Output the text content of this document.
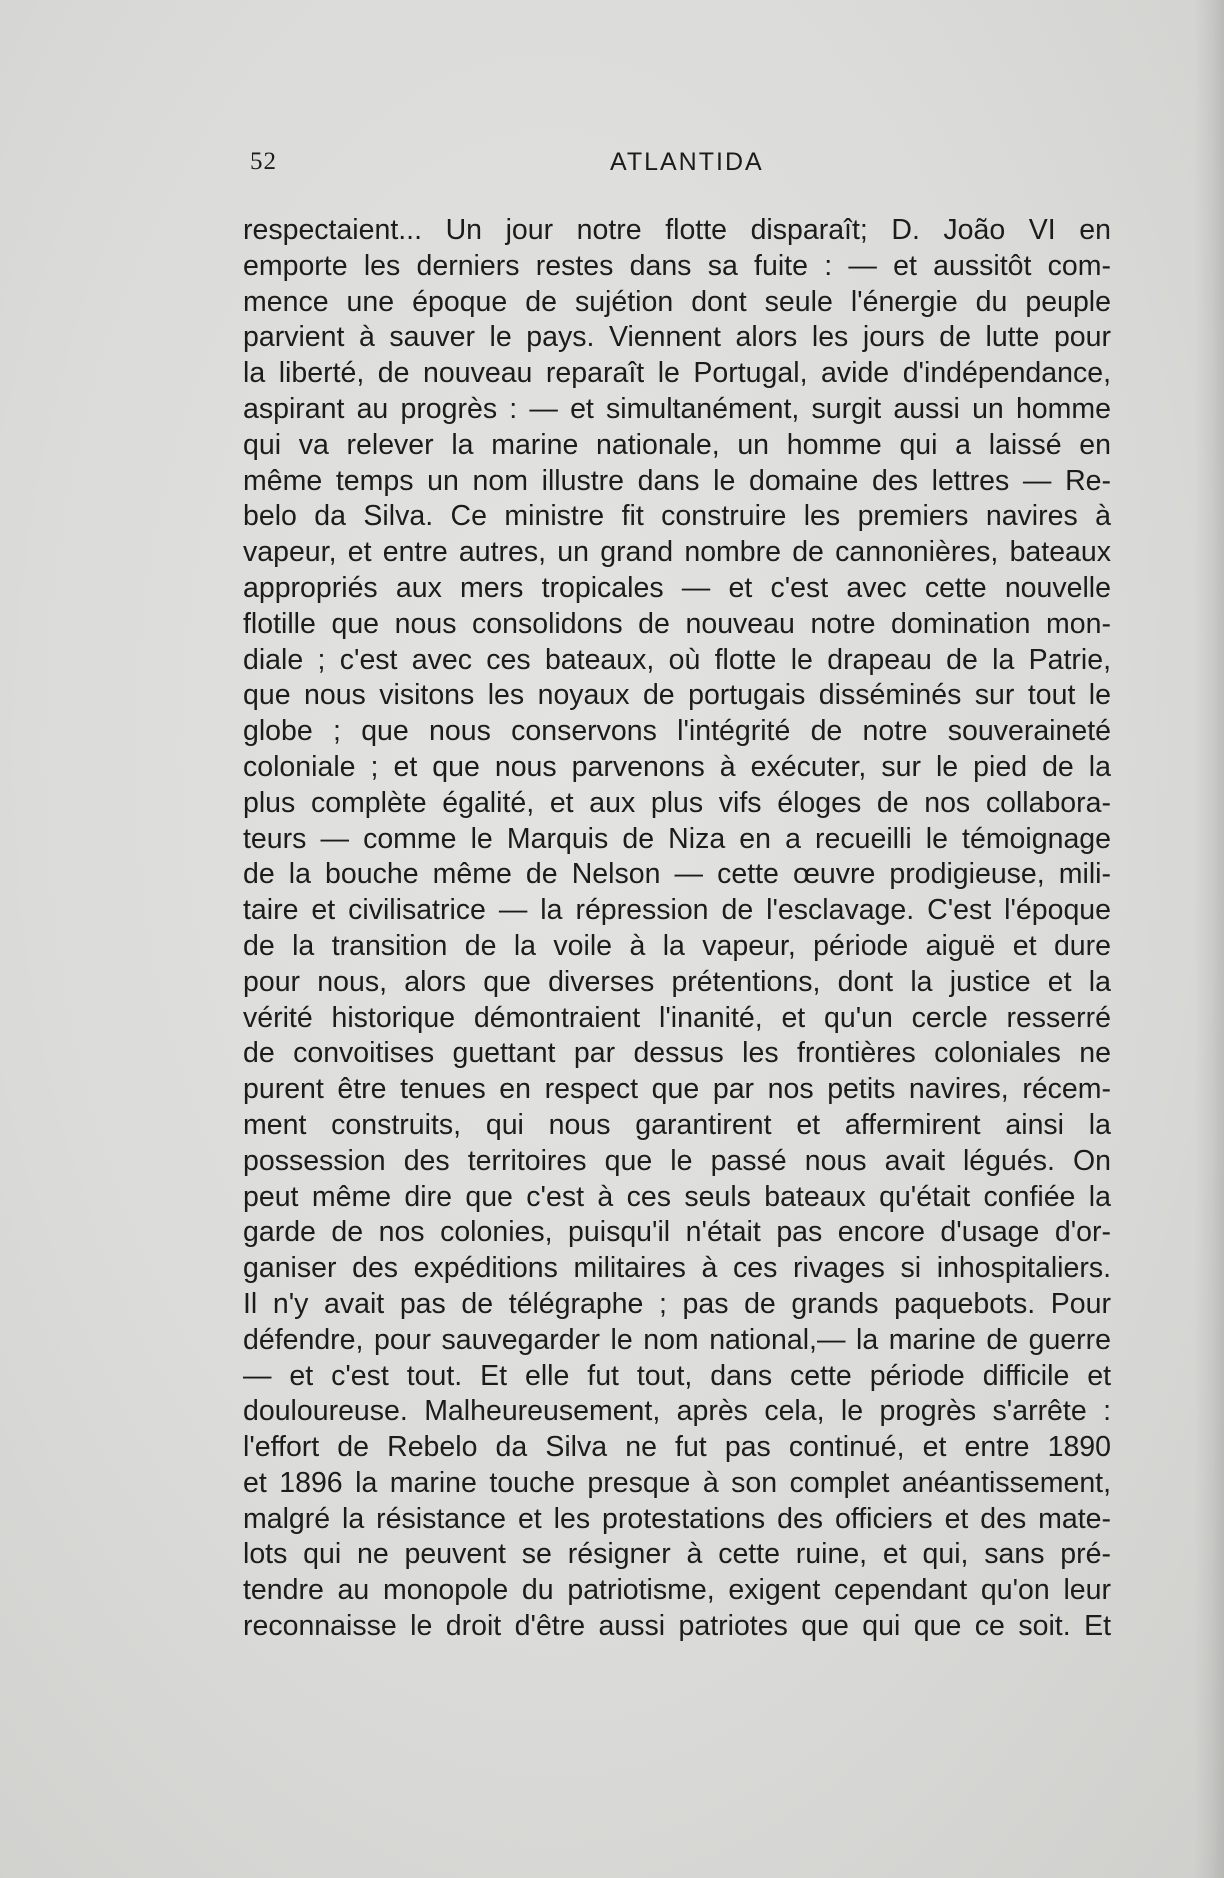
52	ATLANTIDA
respectaient... Un jour notre flotte disparaît; D. João VI en
emporte les derniers restes dans sa fuite : — et aussitôt com-
mence une époque de sujétion dont seule l'énergie du peuple
parvient à sauver le pays. Viennent alors les jours de lutte pour
la liberté, de nouveau reparaît le Portugal, avide d'indépendance,
aspirant au progrès : — et simultanément, surgit aussi un homme
qui va relever la marine nationale, un homme qui a laissé en
même temps un nom illustre dans le domaine des lettres — Re-
belo da Silva. Ce ministre fit construire les premiers navires à
vapeur, et entre autres, un grand nombre de cannonières, bateaux
appropriés aux mers tropicales — et c'est avec cette nouvelle
flotille que nous consolidons de nouveau notre domination mon-
diale ; c'est avec ces bateaux, où flotte le drapeau de la Patrie,
que nous visitons les noyaux de portugais disséminés sur tout le
globe ; que nous conservons l'intégrité de notre souveraineté
coloniale ; et que nous parvenons à exécuter, sur le pied de la
plus complète égalité, et aux plus vifs éloges de nos collabora-
teurs — comme le Marquis de Niza en a recueilli le témoignage
de la bouche même de Nelson — cette œuvre prodigieuse, mili-
taire et civilisatrice — la répression de l'esclavage. C'est l'époque
de la transition de la voile à la vapeur, période aiguë et dure
pour nous, alors que diverses prétentions, dont la justice et la
vérité historique démontraient l'inanité, et qu'un cercle resserré
de convoitises guettant par dessus les frontières coloniales ne
purent être tenues en respect que par nos petits navires, récem-
ment construits, qui nous garantirent et affermirent ainsi la
possession des territoires que le passé nous avait légués. On
peut même dire que c'est à ces seuls bateaux qu'était confiée la
garde de nos colonies, puisqu'il n'était pas encore d'usage d'or-
ganiser des expéditions militaires à ces rivages si inhospitaliers.
Il n'y avait pas de télégraphe ; pas de grands paquebots. Pour
défendre, pour sauvegarder le nom national,— la marine de guerre
— et c'est tout. Et elle fut tout, dans cette période difficile et
douloureuse. Malheureusement, après cela, le progrès s'arrête :
l'effort de Rebelo da Silva ne fut pas continué, et entre 1890
et 1896 la marine touche presque à son complet anéantissement,
malgré la résistance et les protestations des officiers et des mate-
lots qui ne peuvent se résigner à cette ruine, et qui, sans pré-
tendre au monopole du patriotisme, exigent cependant qu'on leur
reconnaisse le droit d'être aussi patriotes que qui que ce soit. Et
